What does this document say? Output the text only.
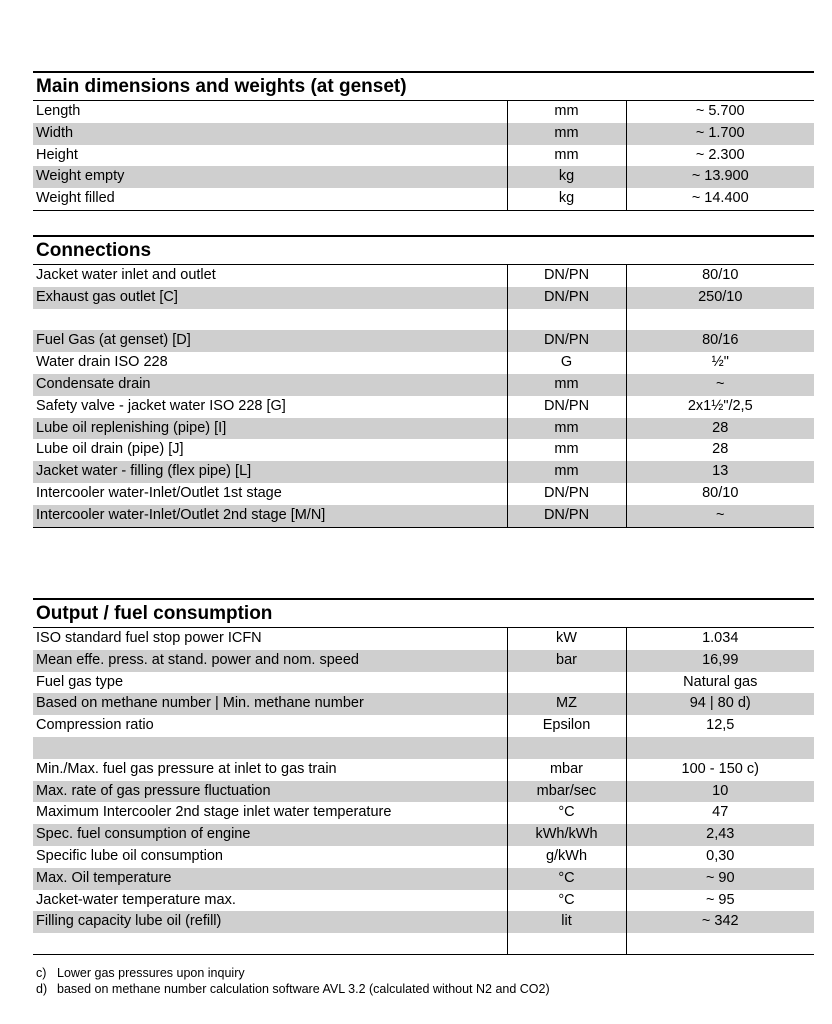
Main dimensions and weights (at genset)
Length	mm	~ 5.700
Width	mm	~ 1.700
Height	mm	~ 2.300
Weight empty	kg	~ 13.900
Weight filled	kg	~ 14.400
Connections
Jacket water inlet and outlet	DN/PN	80/10
Exhaust gas outlet [C]	DN/PN	250/10

Fuel Gas (at genset) [D]	DN/PN	80/16
Water drain ISO 228	G	½"
Condensate drain	mm	~
Safety valve - jacket water ISO 228 [G]	DN/PN	2x1½"/2,5
Lube oil replenishing (pipe) [I]	mm	28
Lube oil drain (pipe) [J]	mm	28
Jacket water - filling (flex pipe) [L]	mm	13
Intercooler water-Inlet/Outlet 1st stage	DN/PN	80/10
Intercooler water-Inlet/Outlet 2nd stage [M/N]	DN/PN	~
Output / fuel consumption
ISO standard fuel stop power ICFN	kW	1.034
Mean effe. press. at stand. power and nom. speed	bar	16,99
Fuel gas type		Natural gas
Based on methane number | Min. methane number	MZ	94 | 80 d)
Compression ratio	Epsilon	12,5

Min./Max. fuel gas pressure at inlet to gas train	mbar	100 - 150 c)
Max. rate of gas pressure fluctuation	mbar/sec	10
Maximum Intercooler 2nd stage inlet water temperature	°C	47
Spec. fuel consumption of engine	kWh/kWh	2,43
Specific lube oil consumption	g/kWh	0,30
Max. Oil temperature	°C	~ 90
Jacket-water temperature max.	°C	~ 95
Filling capacity lube oil (refill)	lit	~ 342

c) Lower gas pressures upon inquiry
d) based on methane number calculation software AVL 3.2 (calculated without N2 and CO2)
